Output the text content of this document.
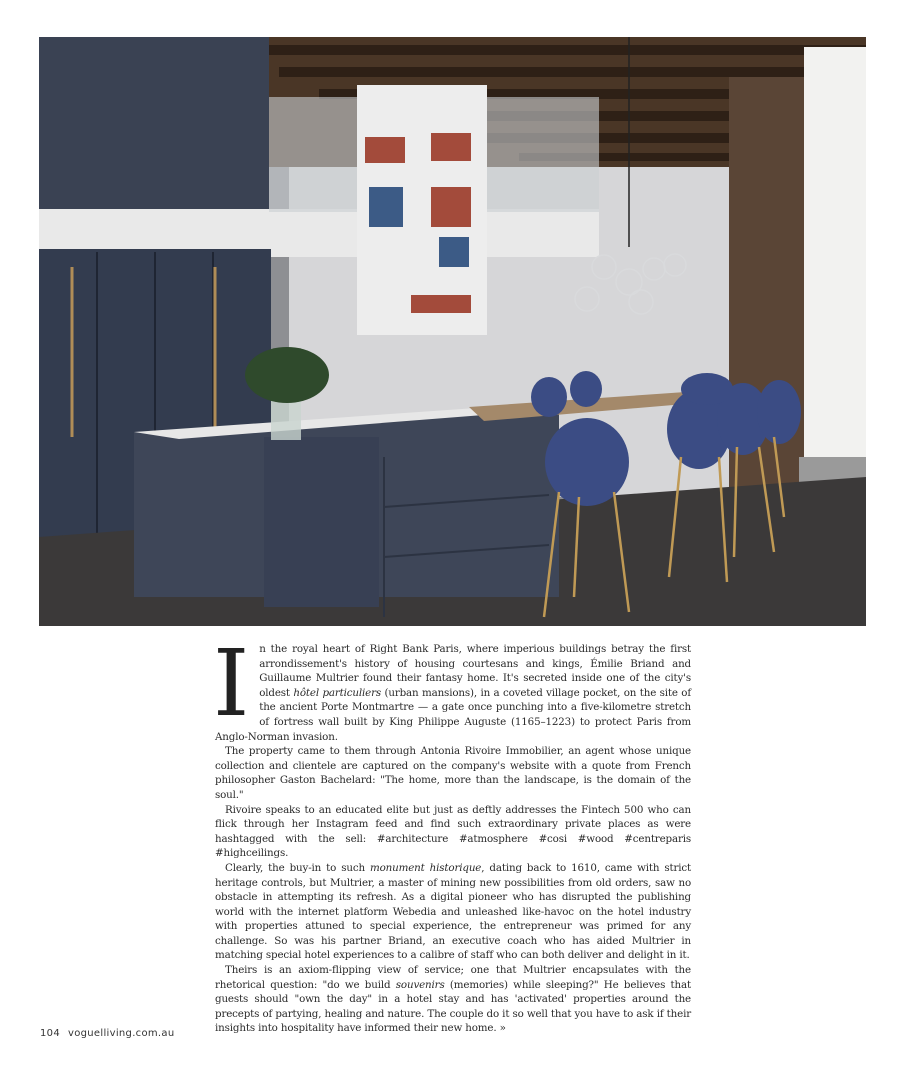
In the royal heart of Right Bank Paris, where imperious buildings betray the first arrondissement's history of housing courtesans and kings, Émilie Briand and Guillaume Multrier found their fantasy home. It's secreted inside one of the city's oldest hôtel particuliers (urban mansions), in a coveted village pocket, on the site of the ancient Porte Montmartre — a gate once punching into a five-kilometre stretch of fortress wall built by King Philippe Auguste (1165–1223) to protect Paris from Anglo-Norman invasion.

The property came to them through Antonia Rivoire Immobilier, an agent whose unique collection and clientele are captured on the company's website with a quote from French philosopher Gaston Bachelard: "The home, more than the landscape, is the domain of the soul."

Rivoire speaks to an educated elite but just as deftly addresses the Fintech 500 who can flick through her Instagram feed and find such extraordinary private places as were hashtagged with the sell: #architecture #atmosphere #cosi #wood #centreparis #highceilings.

Clearly, the buy-in to such monument historique, dating back to 1610, came with strict heritage controls, but Multrier, a master of mining new possibilities from old orders, saw no obstacle in attempting its refresh. As a digital pioneer who has disrupted the publishing world with the internet platform Webedia and unleashed like-havoc on the hotel industry with properties attuned to special experience, the entrepreneur was primed for any challenge. So was his partner Briand, an executive coach who has aided Multrier in matching special hotel experiences to a calibre of staff who can both deliver and delight in it.

Theirs is an axiom-flipping view of service; one that Multrier encapsulates with the rhetorical question: "do we build souvenirs (memories) while sleeping?" He believes that guests should "own the day" in a hotel stay and has 'activated' properties around the precepts of partying, healing and nature. The couple do it so well that you have to ask if their insights into hospitality have informed their new home. »

104 voguelliving.com.au
